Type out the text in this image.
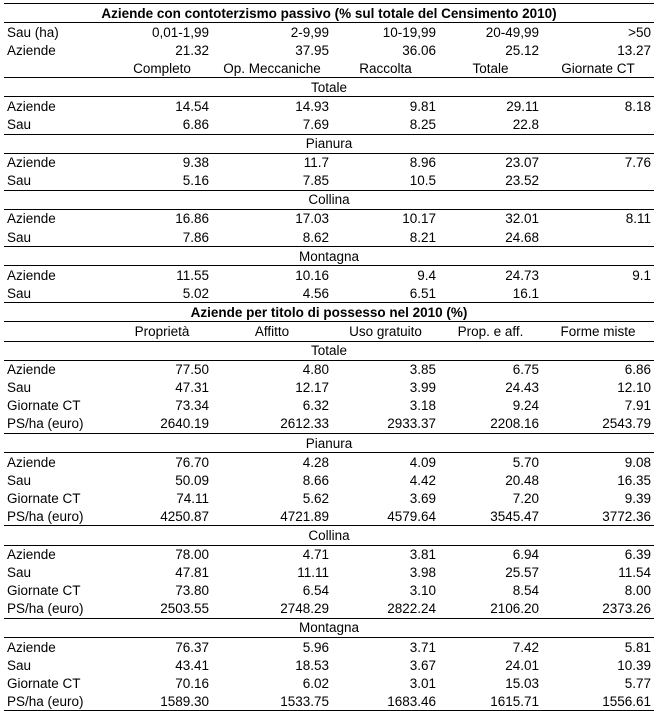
Aziende con contoterzismo passivo (% sul totale del Censimento 2010)					
Sau (ha)	0,01-1,99	2-9,99	10-19,99	20-49,99	>50
Aziende	21.32	37.95	36.06	25.12	13.27
	Completo	Op. Meccaniche	Raccolta	Totale	Giornate CT
Totale					
Aziende	14.54	14.93	9.81	29.11	8.18
Sau	6.86	7.69	8.25	22.8	
Pianura					
Aziende	9.38	11.7	8.96	23.07	7.76
Sau	5.16	7.85	10.5	23.52	
Collina					
Aziende	16.86	17.03	10.17	32.01	8.11
Sau	7.86	8.62	8.21	24.68	
Montagna					
Aziende	11.55	10.16	9.4	24.73	9.1
Sau	5.02	4.56	6.51	16.1	
Aziende per titolo di possesso nel 2010 (%)					
	Proprietà	Affitto	Uso gratuito	Prop. e aff.	Forme miste
Totale					
Aziende	77.50	4.80	3.85	6.75	6.86
Sau	47.31	12.17	3.99	24.43	12.10
Giornate CT	73.34	6.32	3.18	9.24	7.91
PS/ha (euro)	2640.19	2612.33	2933.37	2208.16	2543.79
Pianura					
Aziende	76.70	4.28	4.09	5.70	9.08
Sau	50.09	8.66	4.42	20.48	16.35
Giornate CT	74.11	5.62	3.69	7.20	9.39
PS/ha (euro)	4250.87	4721.89	4579.64	3545.47	3772.36
Collina					
Aziende	78.00	4.71	3.81	6.94	6.39
Sau	47.81	11.11	3.98	25.57	11.54
Giornate CT	73.80	6.54	3.10	8.54	8.00
PS/ha (euro)	2503.55	2748.29	2822.24	2106.20	2373.26
Montagna					
Aziende	76.37	5.96	3.71	7.42	5.81
Sau	43.41	18.53	3.67	24.01	10.39
Giornate CT	70.16	6.02	3.01	15.03	5.77
PS/ha (euro)	1589.30	1533.75	1683.46	1615.71	1556.61
